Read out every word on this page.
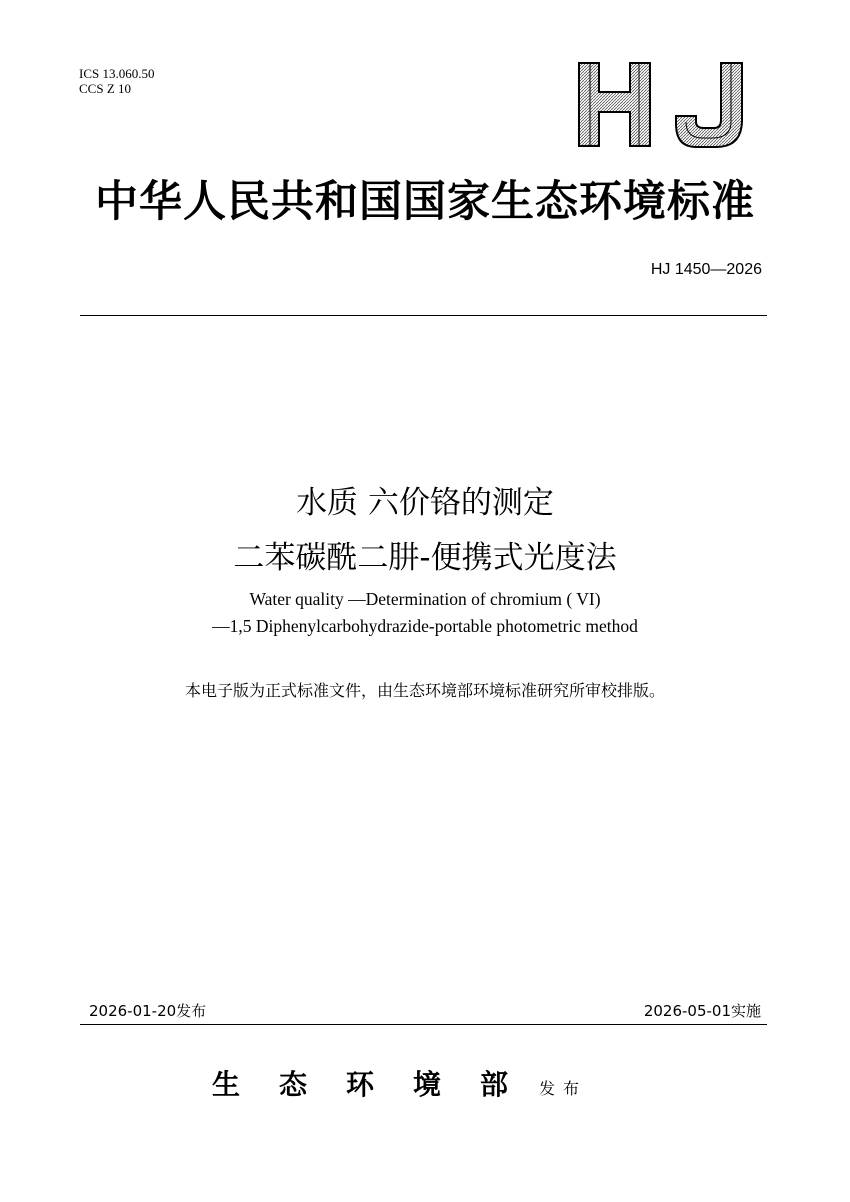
ICS 13.060.50
CCS Z 10
中华人民共和国国家生态环境标准
HJ 1450—2026
水质 六价铬的测定
二苯碳酰二肼-便携式光度法
Water quality —Determination of chromium ( VI)
—1,5 Diphenylcarbohydrazide-portable photometric method
本电子版为正式标准文件，由生态环境部环境标准研究所审校排版。
2026-01-20发布	2026-05-01实施
生态环境部发布
